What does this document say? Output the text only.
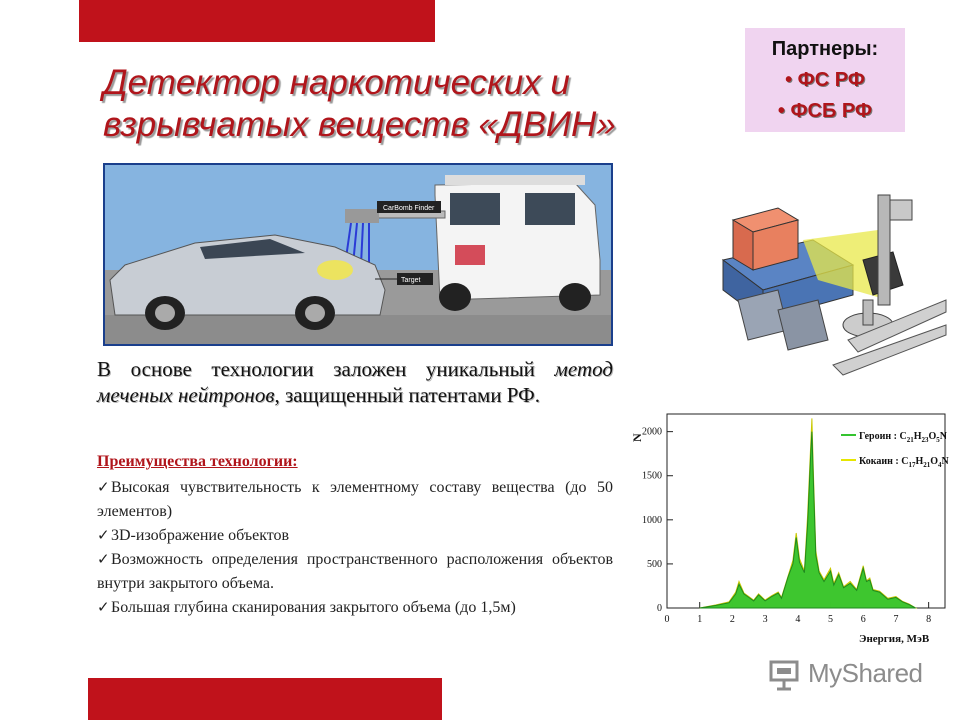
Детектор наркотических и
взрывчатых веществ «ДВИН»
Партнеры:
• ФС РФ
• ФСБ РФ
CarBomb Finder
Target
В основе технологии заложен уникальный метод меченых нейтронов, защищенный патентами РФ.
Преимущества технологии:

✓Высокая чувствительность к элементному составу вещества (до 50 элементов)

✓3D-изображение объектов

✓Возможность определения пространственного расположения объектов внутри закрытого объема.

✓Большая глубина сканирования закрытого объема (до 1,5м)

0	1	2	3	4	5	6	7	8
0
500
1000
1500
2000	Героин : $C_{21}H_{23}O_5N$
Кокаин : $C_{17}H_{21}O_4N$
N
Энергия, МэВ
MyShared
